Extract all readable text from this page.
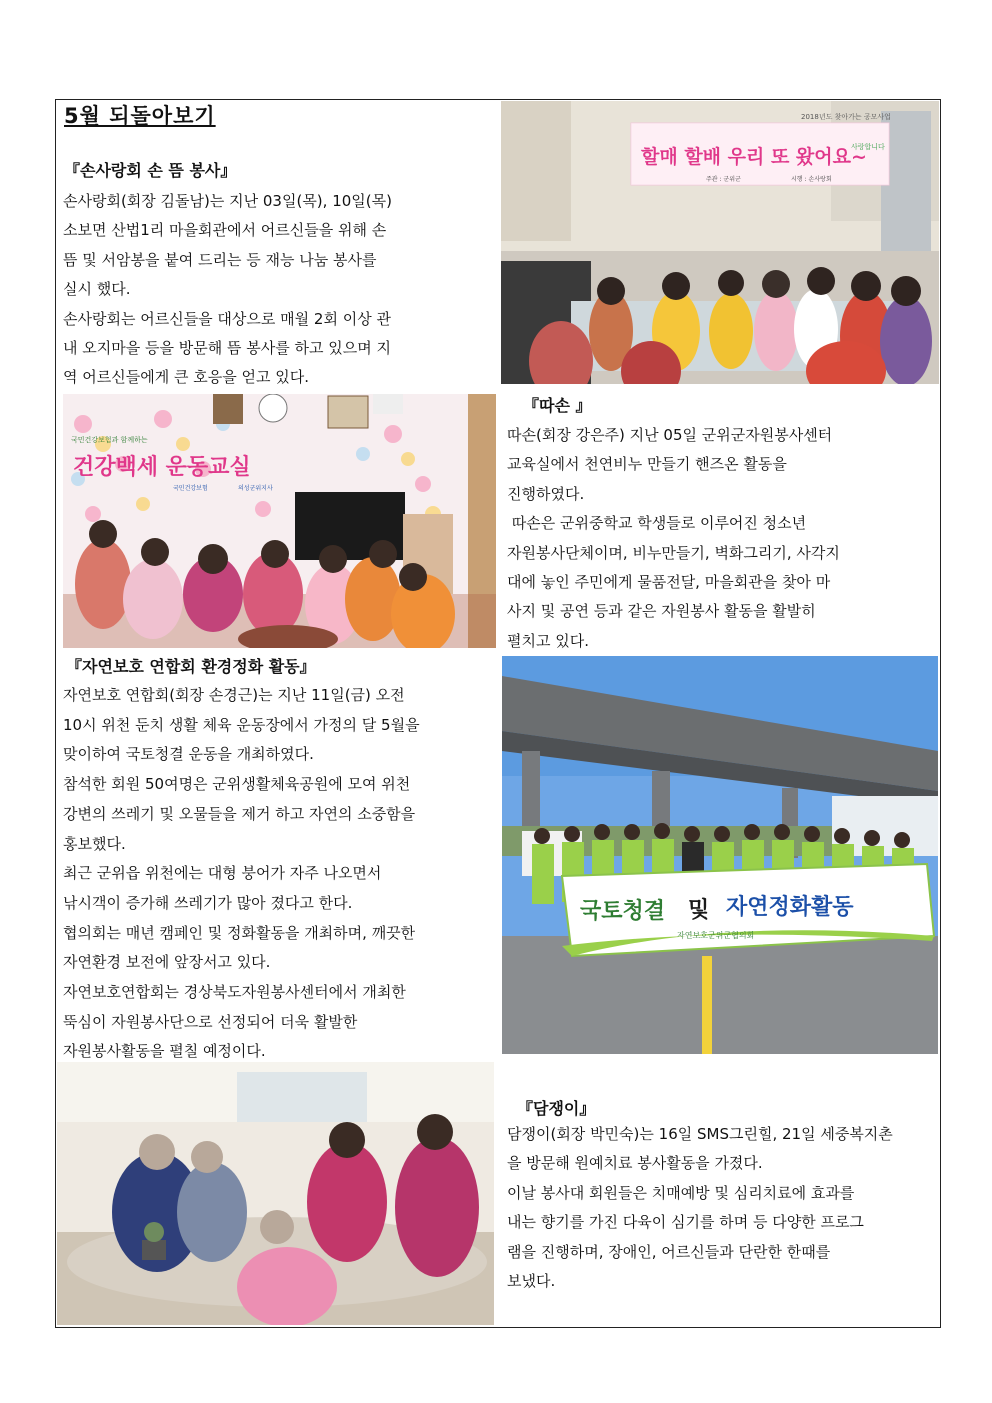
5월 되돌아보기
『손사랑회 손 뜸 봉사』

손사랑회(회장 김돌남)는 지난 03일(목), 10일(목)

소보면 산법1리 마을회관에서 어르신들을 위해 손

뜸 및 서암봉을 붙여 드리는 등 재능 나눔 봉사를

실시 했다.

손사랑회는 어르신들을 대상으로 매월 2회 이상 관

내 오지마을 등을 방문해 뜸 봉사를 하고 있으며 지

역 어르신들에게 큰 호응을 얻고 있다.

2018년도 찾아가는 공모사업
할매 할배 우리 또 왔어요~
주관 : 군위군	시행 : 손사랑회
사랑합니다
국민건강보험과 함께하는
건강백세 운동교실
국민건강보험	의성군위지사
『따손 』

따손(회장 강은주) 지난 05일 군위군자원봉사센터

교육실에서 천연비누 만들기 핸즈온 활동을

진행하였다.

따손은 군위중학교 학생들로 이루어진 청소년

자원봉사단체이며, 비누만들기, 벽화그리기, 사각지

대에 놓인 주민에게 물품전달, 마을회관을 찾아 마

사지 및 공연 등과 같은 자원봉사 활동을 활발히

펼치고 있다.

『자연보호 연합회 환경정화 활동』

자연보호 연합회(회장 손경근)는 지난 11일(금) 오전

10시 위천 둔치 생활 체육 운동장에서 가정의 달 5월을

맞이하여 국토청결 운동을 개최하였다.

참석한 회원 50여명은 군위생활체육공원에 모여 위천

강변의 쓰레기 및 오물들을 제거 하고 자연의 소중함을

홍보했다.

최근 군위읍 위천에는 대형 붕어가 자주 나오면서

낚시객이 증가해 쓰레기가 많아 졌다고 한다.

협의회는 매년 캠페인 및 정화활동을 개최하며, 깨끗한

자연환경 보전에 앞장서고 있다.

자연보호연합회는 경상북도자원봉사센터에서 개최한

뚝심이 자원봉사단으로 선정되어 더욱 활발한

자원봉사활동을 펼칠 예정이다.

국토청결 및 자연정화활동
자연보호군위군협의회
『담쟁이』

담쟁이(회장 박민숙)는 16일 SMS그린힐, 21일 세중복지촌

을 방문해 원예치료 봉사활동을 가졌다.

이날 봉사대 회원들은 치매예방 및 심리치료에 효과를

내는 향기를 가진 다육이 심기를 하며 등 다양한 프로그

램을 진행하며, 장애인, 어르신들과 단란한 한때를

보냈다.
